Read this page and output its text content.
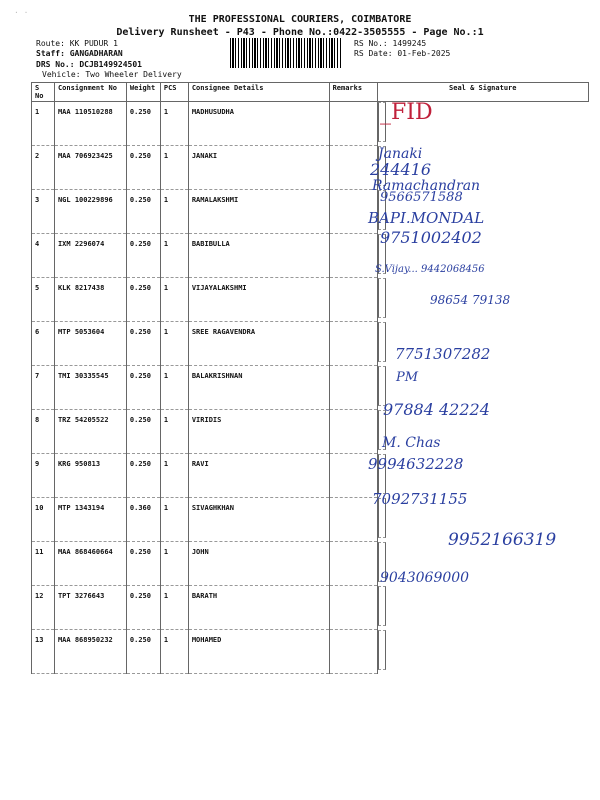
· ·
THE PROFESSIONAL COURIERS, COIMBATORE
Delivery Runsheet - P43 - Phone No.:0422-3505555 - Page No.:1
Route: KK PUDUR 1
Staff: GANGADHARAN
DRS No.: DCJB149924501
Vehicle: Two Wheeler Delivery
RS No.: 1499245
RS Date: 01-Feb-2025
S No	Consignment No	Weight	PCS	Consignee Details	Remarks	Seal & Signature
1	MAA 110510288	0.250	1	MADHUSUDHA		

2	MAA 706923425	0.250	1	JANAKI		

3	NGL 100229896	0.250	1	RAMALAKSHMI		

4	IXM 2296074	0.250	1	BABIBULLA		

5	KLK 8217438	0.250	1	VIJAYALAKSHMI		

6	MTP 5053604	0.250	1	SREE RAGAVENDRA		

7	TMI 30335545	0.250	1	BALAKRISHNAN		

8	TRZ 54205522	0.250	1	VIRIDIS		

9	KRG 950813	0.250	1	RAVI		

10	MTP 1343194	0.360	1	SIVAGHKHAN		

11	MAA 868460664	0.250	1	JOHN		

12	TPT 3276643	0.250	1	BARATH		

13	MAA 868950232	0.250	1	MOHAMED		
_FID
Janaki
244416
Ramachandran
9566571588
BAPI.MONDAL
9751002402
S.Vijay... 9442068456
98654 79138
7751307282
PM
97884 42224
M. Chas
9994632228
7092731155
9952166319
9043069000
